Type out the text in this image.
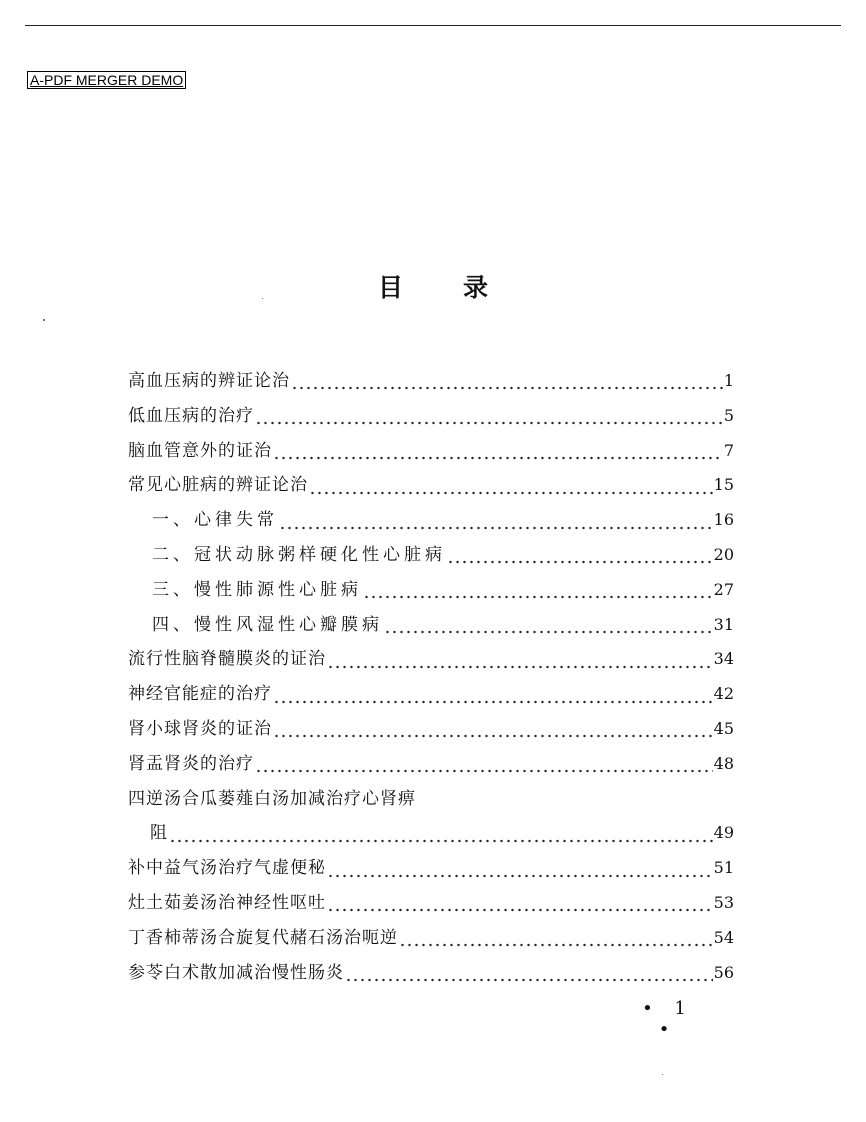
A-PDF MERGER DEMO
目 录
高血压病的辨证论治	1
低血压病的治疗	5
脑血管意外的证治	7
常见心脏病的辨证论治	15
一、心律失常	16
二、冠状动脉粥样硬化性心脏病	20
三、慢性肺源性心脏病	27
四、慢性风湿性心瓣膜病	31
流行性脑脊髓膜炎的证治	34
神经官能症的治疗	42
肾小球肾炎的证治	45
肾盂肾炎的治疗	48
四逆汤合瓜蒌薤白汤加减治疗心肾痹
阻	49
补中益气汤治疗气虚便秘	51
灶土茹姜汤治神经性呕吐	53
丁香柿蒂汤合旋复代赭石汤治呃逆	54
参苓白术散加减治慢性肠炎	56
• 1 •
